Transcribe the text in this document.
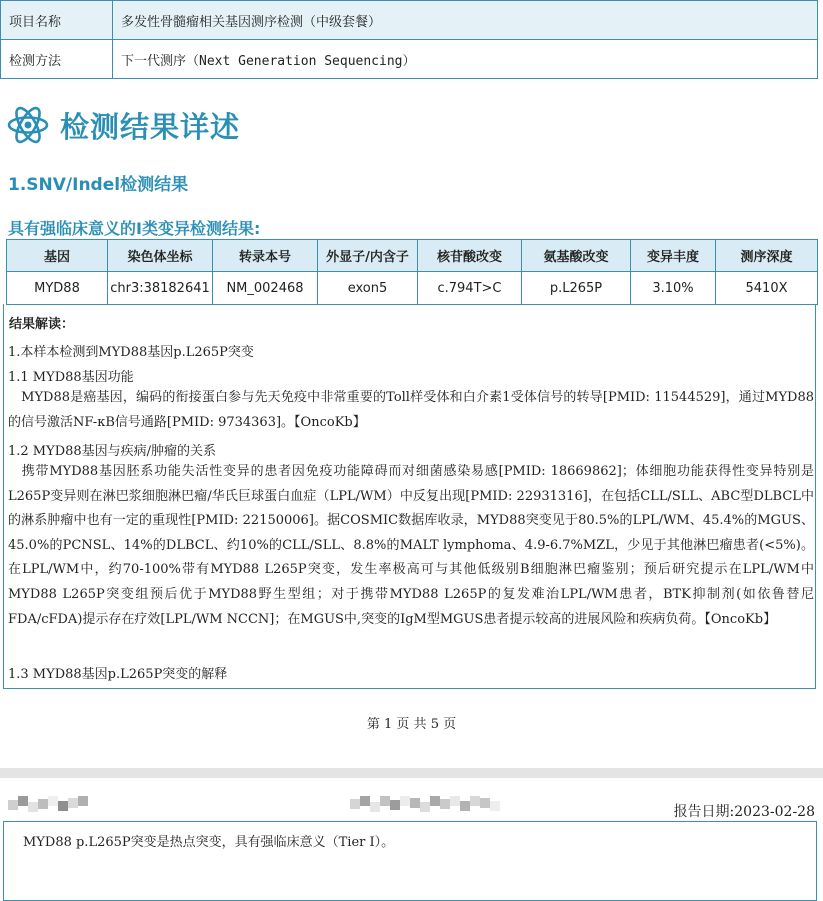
项目名称	多发性骨髓瘤相关基因测序检测（中级套餐）
检测方法	下一代测序（Next Generation Sequencing）
检测结果详述
1.SNV/Indel检测结果
具有强临床意义的I类变异检测结果:
基因	染色体坐标	转录本号	外显子/内含子	核苷酸改变	氨基酸改变	变异丰度	测序深度
MYD88	chr3:38182641	NM_002468	exon5	c.794T>C	p.L265P	3.10%	5410X
结果解读：
1.本样本检测到MYD88基因p.L265P突变
1.1 MYD88基因功能
　MYD88是癌基因，编码的衔接蛋白参与先天免疫中非常重要的Toll样受体和白介素1受体信号的转导[PMID: 11544529]，通过MYD88的信号激活NF-κB信号通路[PMID: 9734363]。【OncoKb】
1.2 MYD88基因与疾病/肿瘤的关系
　携带MYD88基因胚系功能失活性变异的患者因免疫功能障碍而对细菌感染易感[PMID: 18669862]；体细胞功能获得性变异特别是L265P变异则在淋巴浆细胞淋巴瘤/华氏巨球蛋白血症（LPL/WM）中反复出现[PMID: 22931316]，在包括CLL/SLL、ABC型DLBCL中的淋系肿瘤中也有一定的重现性[PMID: 22150006]。据COSMIC数据库收录，MYD88突变见于80.5%的LPL/WM、45.4%的MGUS、45.0%的PCNSL、14%的DLBCL、约10%的CLL/SLL、8.8%的MALT lymphoma、4.9-6.7%MZL，少见于其他淋巴瘤患者(<5%)。在LPL/WM中，约70-100%带有MYD88 L265P突变，发生率极高可与其他低级别B细胞淋巴瘤鉴别；预后研究提示在LPL/WM中MYD88 L265P突变组预后优于MYD88野生型组；对于携带MYD88 L265P的复发难治LPL/WM患者，BTK抑制剂(如依鲁替尼 FDA/cFDA)提示存在疗效[LPL/WM NCCN]；在MGUS中,突变的IgM型MGUS患者提示较高的进展风险和疾病负荷。【OncoKb】
1.3 MYD88基因p.L265P突变的解释
第 1 页 共 5 页
报告日期:2023-02-28
MYD88 p.L265P突变是热点突变，具有强临床意义（Tier I）。
